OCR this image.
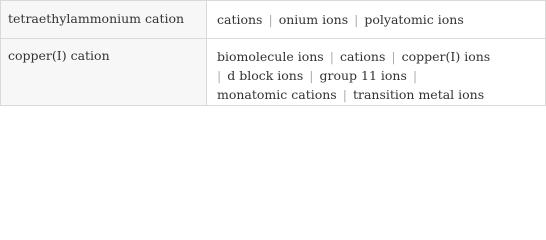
tetraethylammonium cation	cations | onium ions | polyatomic ions
copper(I) cation	biomolecule ions | cations | copper(I) ions
| d block ions | group 11 ions |
monatomic cations | transition metal ions
